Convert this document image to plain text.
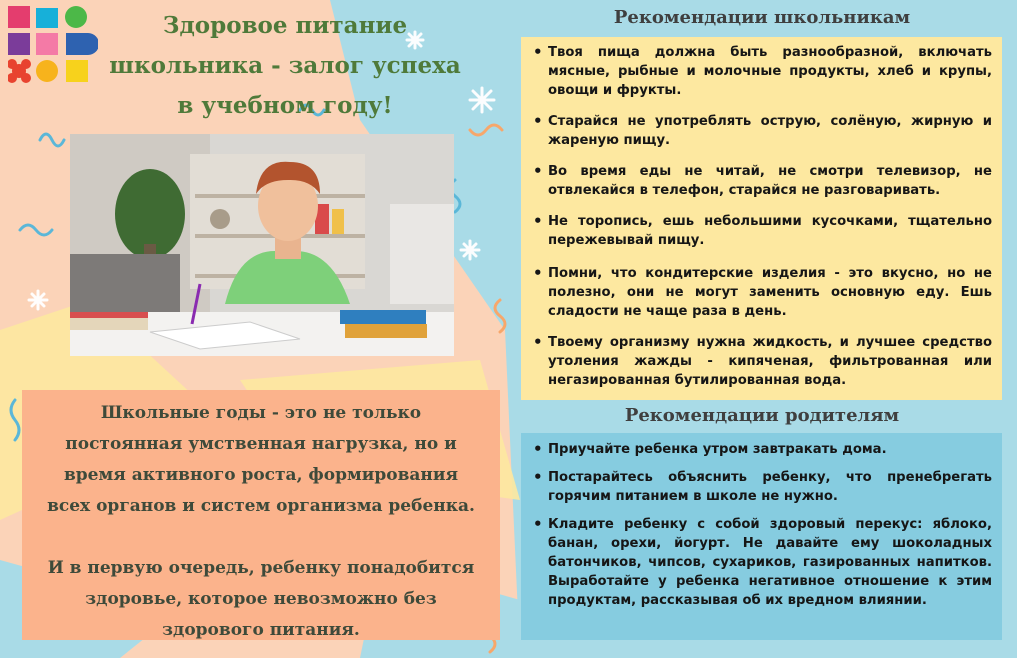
Здоровое питание школьника - залог успеха в учебном году!

Школьные годы - это не только постоянная умственная нагрузка, но и время активного роста, формирования всех органов и систем организма ребенка.

И в первую очередь, ребенку понадобится здоровье, которое невозможно без здорового питания.

Рекомендации школьникам
• Твоя пища должна быть разнообразной, включать мясные, рыбные и молочные продукты, хлеб и крупы, овощи и фрукты.
• Старайся не употреблять острую, солёную, жирную и жареную пищу.
• Во время еды не читай, не смотри телевизор, не отвлекайся в телефон, старайся не разговаривать.
• Не торопись, ешь небольшими кусочками, тщательно пережевывай пищу.
• Помни, что кондитерские изделия - это вкусно, но не полезно, они не могут заменить основную еду. Ешь сладости не чаще раза в день.
• Твоему организму нужна жидкость, и лучшее средство утоления жажды - кипяченая, фильтрованная или негазированная бутилированная вода.
Рекомендации родителям
• Приучайте ребенка утром завтракать дома.
• Постарайтесь объяснить ребенку, что пренебрегать горячим питанием в школе не нужно.
• Кладите ребенку с собой здоровый перекус: яблоко, банан, орехи, йогурт. Не давайте ему шоколадных батончиков, чипсов, сухариков, газированных напитков. Выработайте у ребенка негативное отношение к этим продуктам, рассказывая об их вредном влиянии.
